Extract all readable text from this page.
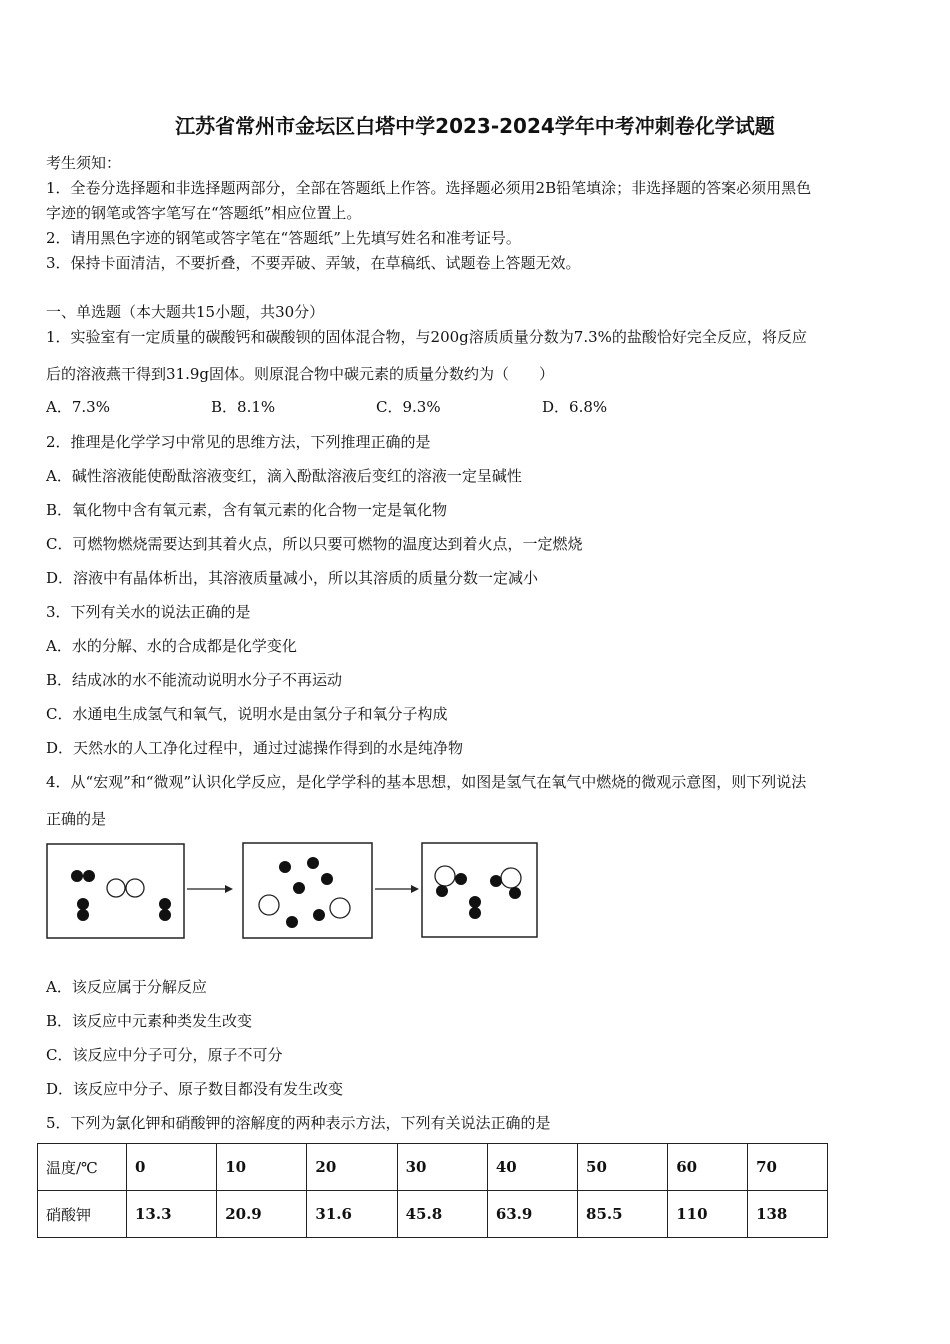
江苏省常州市金坛区白塔中学2023-2024学年中考冲刺卷化学试题
考生须知：
1．全卷分选择题和非选择题两部分，全部在答题纸上作答。选择题必须用2B铅笔填涂；非选择题的答案必须用黑色
字迹的钢笔或答字笔写在“答题纸”相应位置上。
2．请用黑色字迹的钢笔或答字笔在“答题纸”上先填写姓名和准考证号。
3．保持卡面清洁，不要折叠，不要弄破、弄皱，在草稿纸、试题卷上答题无效。
一、单选题（本大题共15小题，共30分）
1．实验室有一定质量的碳酸钙和碳酸钡的固体混合物，与200g溶质质量分数为7.3%的盐酸恰好完全反应，将反应
后的溶液燕干得到31.9g固体。则原混合物中碳元素的质量分数约为（　　）
A．7.3%	B．8.1%	C．9.3%	D．6.8%
2．推理是化学学习中常见的思维方法，下列推理正确的是
A．碱性溶液能使酚酞溶液变红，滴入酚酞溶液后变红的溶液一定呈碱性
B．氧化物中含有氧元素，含有氧元素的化合物一定是氧化物
C．可燃物燃烧需要达到其着火点，所以只要可燃物的温度达到着火点，一定燃烧
D．溶液中有晶体析出，其溶液质量减小，所以其溶质的质量分数一定减小
3．下列有关水的说法正确的是
A．水的分解、水的合成都是化学变化
B．结成冰的水不能流动说明水分子不再运动
C．水通电生成氢气和氧气，说明水是由氢分子和氧分子构成
D．天然水的人工净化过程中，通过过滤操作得到的水是纯净物
4．从“宏观”和“微观”认识化学反应，是化学学科的基本思想，如图是氢气在氧气中燃烧的微观示意图，则下列说法
正确的是
A．该反应属于分解反应
B．该反应中元素种类发生改变
C．该反应中分子可分，原子不可分
D．该反应中分子、原子数目都没有发生改变
5．下列为氯化钾和硝酸钾的溶解度的两种表示方法，下列有关说法正确的是
温度/℃	0	10	20	30	40	50	60	70
硝酸钾	13.3	20.9	31.6	45.8	63.9	85.5	110	138
